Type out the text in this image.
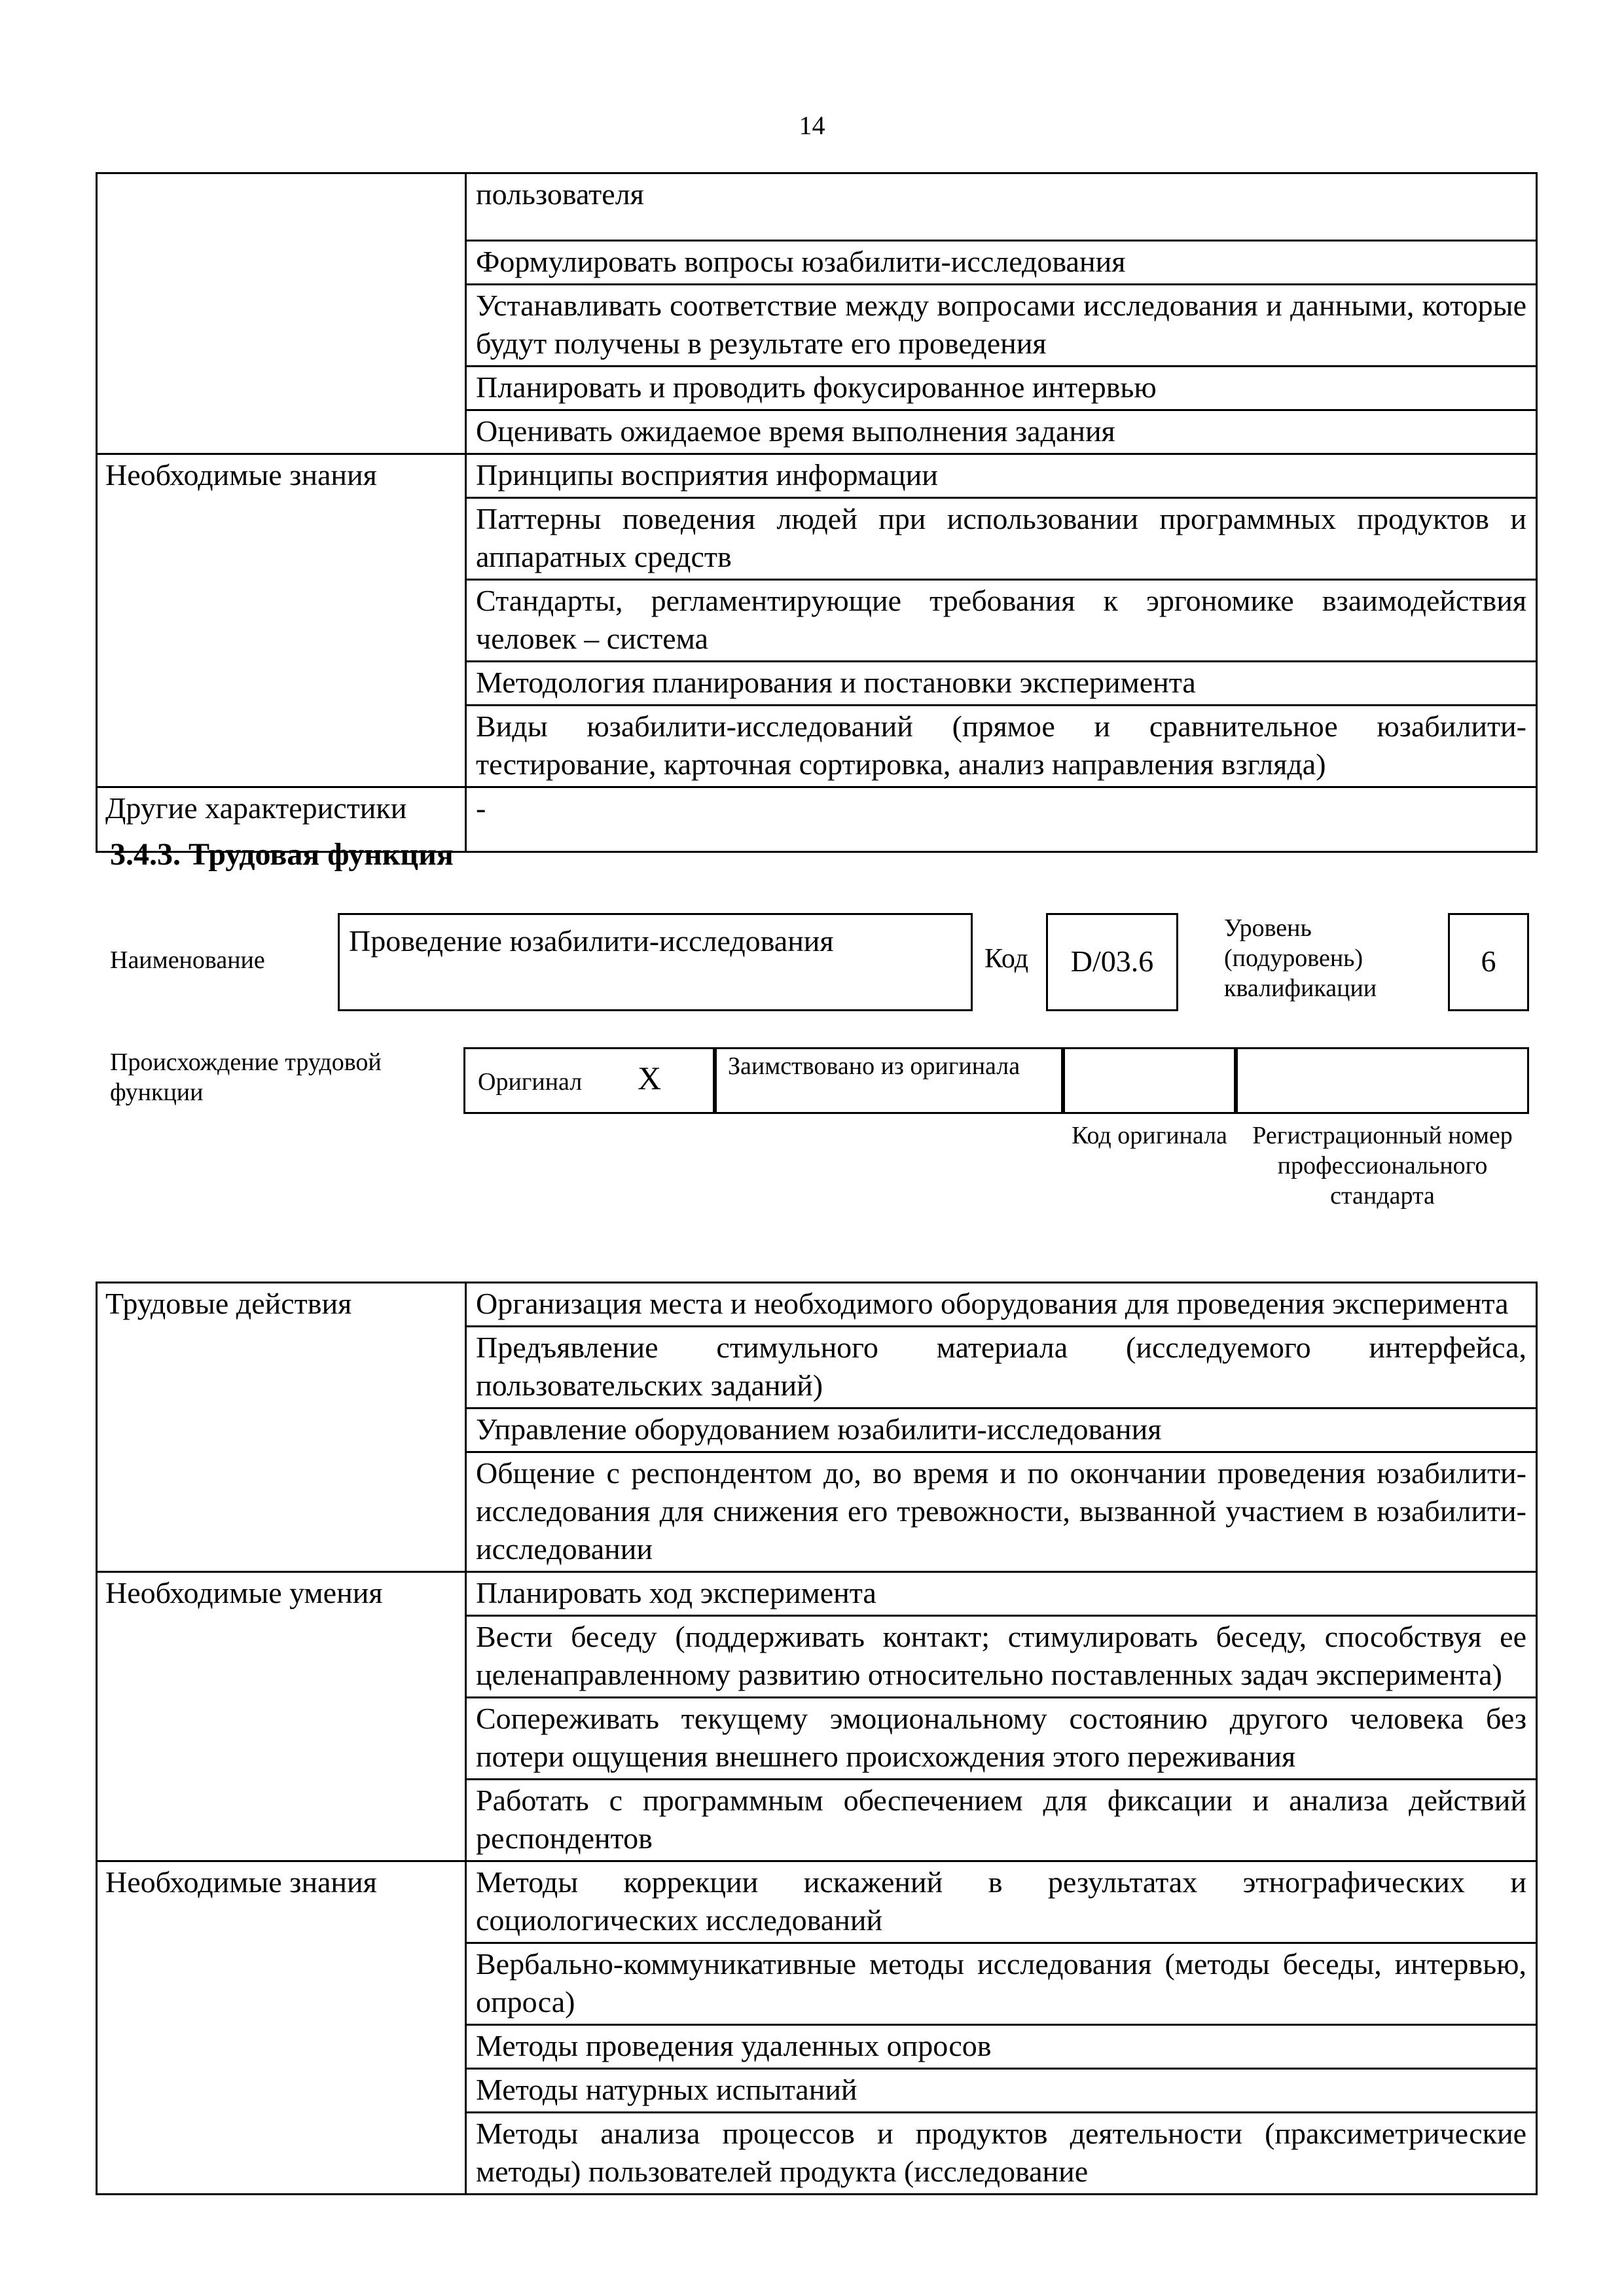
14
	пользователя
	Формулировать вопросы юзабилити-исследования
	Устанавливать соответствие между вопросами исследования и данными, которые будут получены в результате его проведения
	Планировать и проводить фокусированное интервью
	Оценивать ожидаемое время выполнения задания
Необходимые знания	Принципы восприятия информации
	Паттерны поведения людей при использовании программных продуктов и аппаратных средств
	Стандарты, регламентирующие требования к эргономике взаимодействия человек – система
	Методология планирования и постановки эксперимента
	Виды юзабилити-исследований (прямое и сравнительное юзабилити-тестирование, карточная сортировка, анализ направления взгляда)
Другие характеристики	-
3.4.3. Трудовая функция
Наименование
Проведение юзабилити-исследования
Код	D/03.6
Уровень (подуровень) квалификации
6
Происхождение трудовой функции	Оригинал X	Заимствовано из оригинала
Код оригинала	Регистрационный номер профессионального стандарта
Трудовые действия	Организация места и необходимого оборудования для проведения эксперимента
	Предъявление стимульного материала (исследуемого интерфейса, пользовательских заданий)
	Управление оборудованием юзабилити-исследования
	Общение с респондентом до, во время и по окончании проведения юзабилити-исследования для снижения его тревожности, вызванной участием в юзабилити-исследовании
Необходимые умения	Планировать ход эксперимента
	Вести беседу (поддерживать контакт; стимулировать беседу, способствуя ее целенаправленному развитию относительно поставленных задач эксперимента)
	Сопереживать текущему эмоциональному состоянию другого человека без потери ощущения внешнего происхождения этого переживания
	Работать с программным обеспечением для фиксации и анализа действий респондентов
Необходимые знания	Методы коррекции искажений в результатах этнографических и социологических исследований
	Вербально-коммуникативные методы исследования (методы беседы, интервью, опроса)
	Методы проведения удаленных опросов
	Методы натурных испытаний
	Методы анализа процессов и продуктов деятельности (праксиметрические методы) пользователей продукта (исследование
